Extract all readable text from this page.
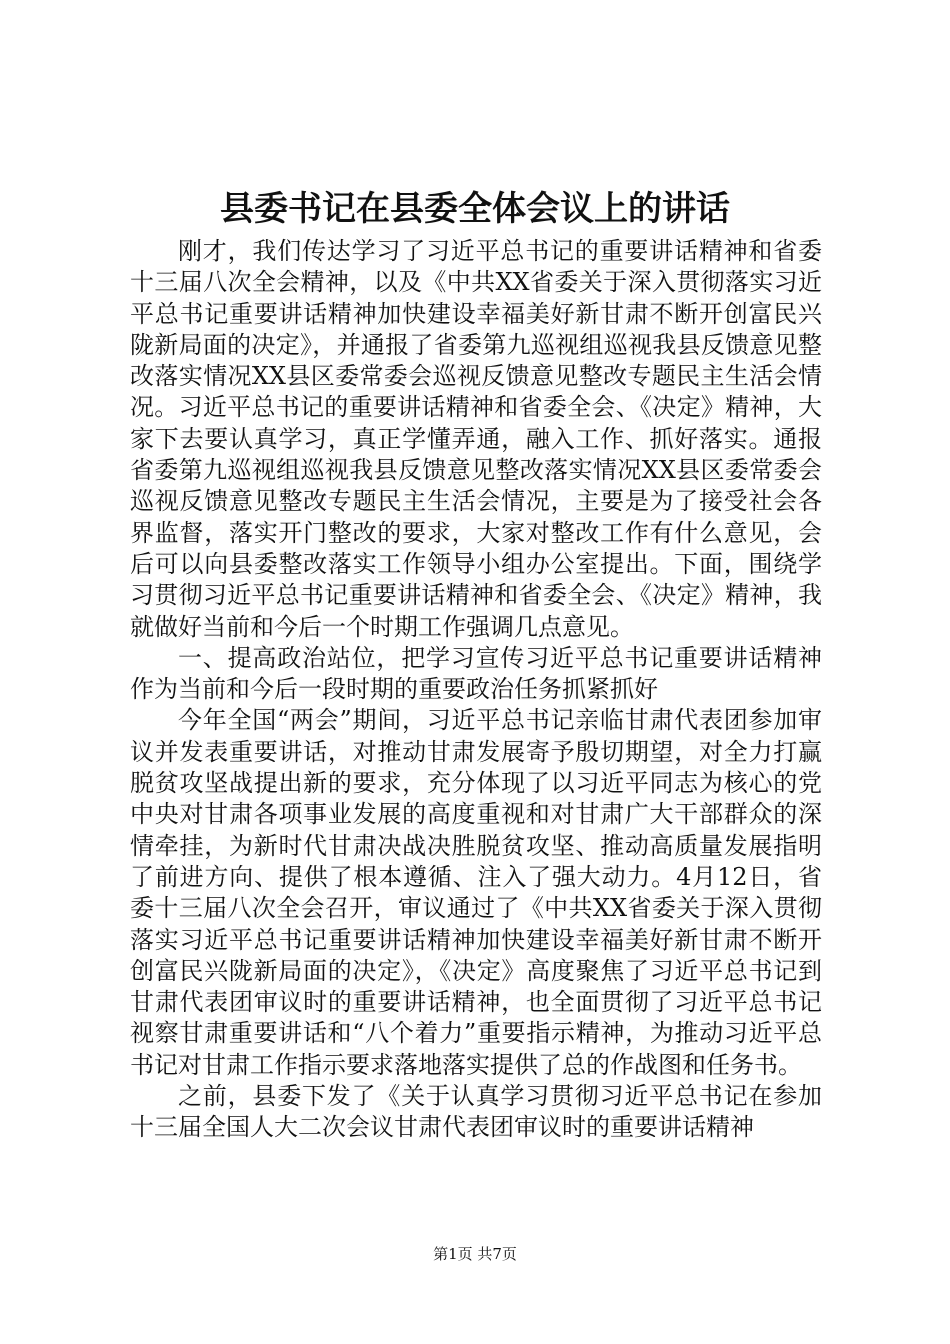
县委书记在县委全体会议上的讲话

刚才，我们传达学习了习近平总书记的重要讲话精神和省委十三届八次全会精神，以及《中共XX省委关于深入贯彻落实习近平总书记重要讲话精神加快建设幸福美好新甘肃不断开创富民兴陇新局面的决定》，并通报了省委第九巡视组巡视我县反馈意见整改落实情况XX县区委常委会巡视反馈意见整改专题民主生活会情况。习近平总书记的重要讲话精神和省委全会、《决定》精神，大家下去要认真学习，真正学懂弄通，融入工作、抓好落实。通报省委第九巡视组巡视我县反馈意见整改落实情况XX县区委常委会巡视反馈意见整改专题民主生活会情况，主要是为了接受社会各界监督，落实开门整改的要求，大家对整改工作有什么意见，会后可以向县委整改落实工作领导小组办公室提出。下面，围绕学习贯彻习近平总书记重要讲话精神和省委全会、《决定》精神，我就做好当前和今后一个时期工作强调几点意见。

一、提高政治站位，把学习宣传习近平总书记重要讲话精神作为当前和今后一段时期的重要政治任务抓紧抓好

今年全国“两会”期间，习近平总书记亲临甘肃代表团参加审议并发表重要讲话，对推动甘肃发展寄予殷切期望，对全力打赢脱贫攻坚战提出新的要求，充分体现了以习近平同志为核心的党中央对甘肃各项事业发展的高度重视和对甘肃广大干部群众的深情牵挂，为新时代甘肃决战决胜脱贫攻坚、推动高质量发展指明了前进方向、提供了根本遵循、注入了强大动力。4月12日，省委十三届八次全会召开，审议通过了《中共XX省委关于深入贯彻落实习近平总书记重要讲话精神加快建设幸福美好新甘肃不断开创富民兴陇新局面的决定》，《决定》高度聚焦了习近平总书记到甘肃代表团审议时的重要讲话精神，也全面贯彻了习近平总书记视察甘肃重要讲话和“八个着力”重要指示精神，为推动习近平总书记对甘肃工作指示要求落地落实提供了总的作战图和任务书。

之前，县委下发了《关于认真学习贯彻习近平总书记在参加十三届全国人大二次会议甘肃代表团审议时的重要讲话精神

第1页 共7页
